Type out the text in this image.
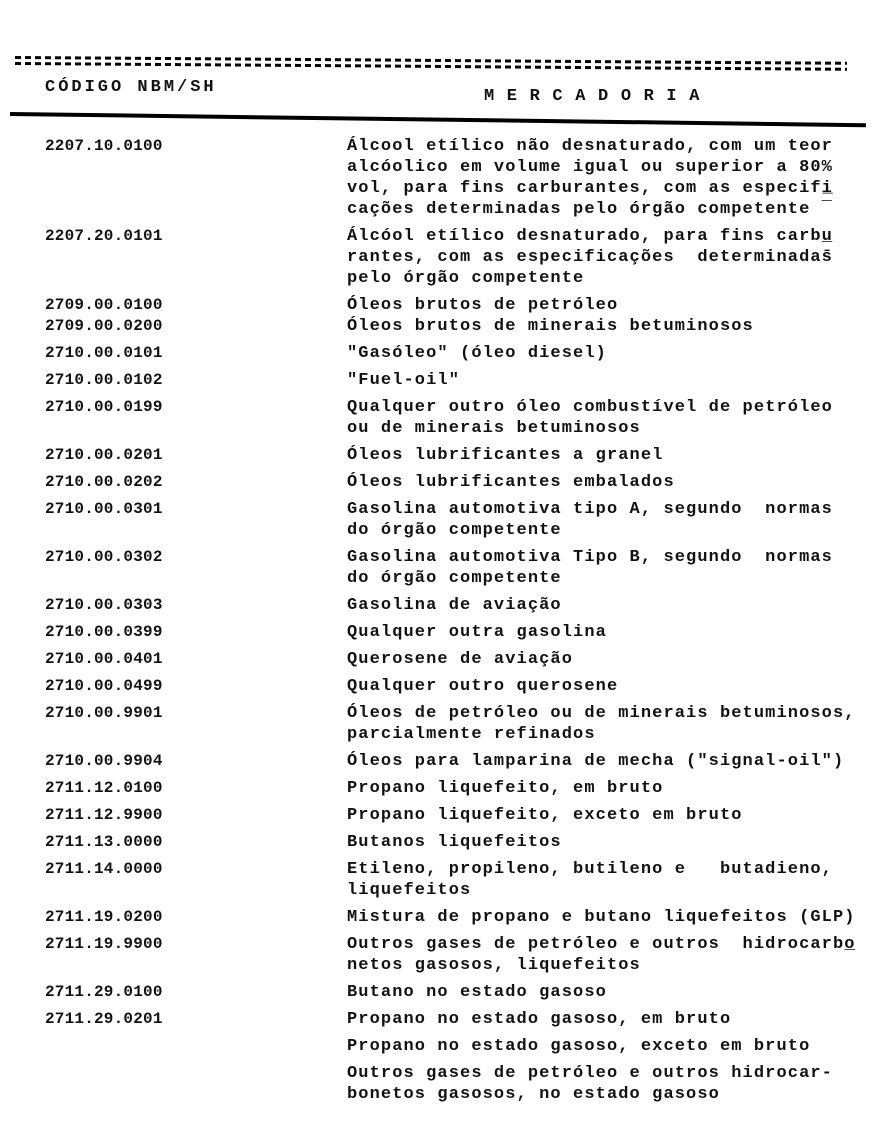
CÓDIGO NBM/SH	M E R C A D O R I A
2207.10.0100	Álcool etílico não desnaturado, com um teor
alcóolico em volume igual ou superior a 80%
vol, para fins carburantes, com as especifi̲
cações determinadas pelo órgão competente ‾
2207.20.0101	Álcóol etílico desnaturado, para fins carbu̲
rantes, com as especificações  determinadas̄
pelo órgão competente
2709.00.0100	Óleos brutos de petróleo
2709.00.0200	Óleos brutos de minerais betuminosos
2710.00.0101	"Gasóleo" (óleo diesel)
2710.00.0102	"Fuel-oil"
2710.00.0199	Qualquer outro óleo combustível de petróleo
ou de minerais betuminosos
2710.00.0201	Óleos lubrificantes a granel
2710.00.0202	Óleos lubrificantes embalados
2710.00.0301	Gasolina automotiva tipo A, segundo  normas
do órgão competente
2710.00.0302	Gasolina automotiva Tipo B, segundo  normas
do órgão competente
2710.00.0303	Gasolina de aviação
2710.00.0399	Qualquer outra gasolina
2710.00.0401	Querosene de aviação
2710.00.0499	Qualquer outro querosene
2710.00.9901	Óleos de petróleo ou de minerais betuminosos,
parcialmente refinados
2710.00.9904	Óleos para lamparina de mecha ("signal-oil")
2711.12.0100	Propano liquefeito, em bruto
2711.12.9900	Propano liquefeito, exceto em bruto
2711.13.0000	Butanos liquefeitos
2711.14.0000	Etileno, propileno, butileno e   butadieno,
liquefeitos
2711.19.0200	Mistura de propano e butano liquefeitos (GLP)
2711.19.9900	Outros gases de petróleo e outros  hidrocarbo̲
netos gasosos, liquefeitos
2711.29.0100	Butano no estado gasoso
2711.29.0201	Propano no estado gasoso, em bruto
Propano no estado gasoso, exceto em bruto
Outros gases de petróleo e outros hidrocar-
bonetos gasosos, no estado gasoso
